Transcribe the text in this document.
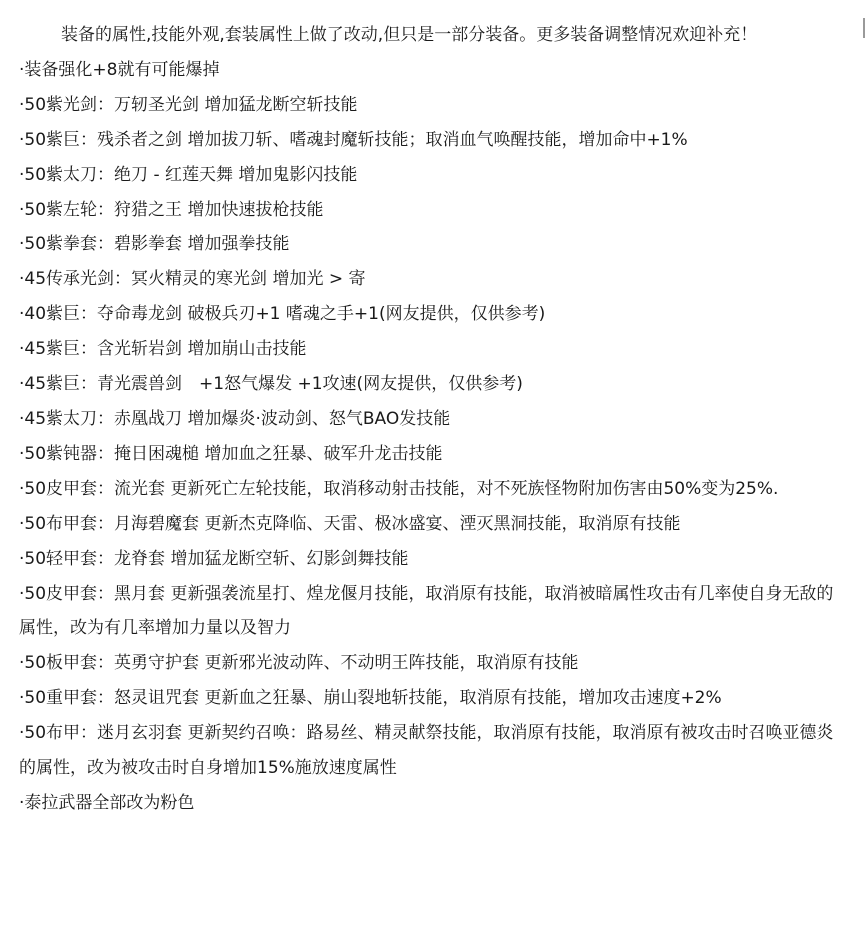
装备的属性,技能外观,套装属性上做了改动,但只是一部分装备。更多装备调整情况欢迎补充！

·装备强化+8就有可能爆掉

·50紫光剑：万轫圣光剑 增加猛龙断空斩技能

·50紫巨：残杀者之剑 增加拔刀斩、嗜魂封魔斩技能；取消血气唤醒技能，增加命中+1%

·50紫太刀：绝刀 - 红莲天舞 增加鬼影闪技能

·50紫左轮：狩猎之王 增加快速拔枪技能

·50紫拳套：碧影拳套 增加强拳技能

·45传承光剑：冥火精灵的寒光剑 增加光 > 寄

·40紫巨：夺命毒龙剑 破极兵刃+1 嗜魂之手+1(网友提供，仅供参考)

·45紫巨：含光斩岩剑 增加崩山击技能

·45紫巨：青光震兽剑　+1怒气爆发 +1攻速(网友提供，仅供参考)

·45紫太刀：赤凰战刀 增加爆炎·波动剑、怒气BAO发技能

·50紫钝器：掩日困魂槌 增加血之狂暴、破军升龙击技能

·50皮甲套：流光套 更新死亡左轮技能，取消移动射击技能，对不死族怪物附加伤害由50%变为25%.

·50布甲套：月海碧魔套 更新杰克降临、天雷、极冰盛宴、湮灭黑洞技能，取消原有技能

·50轻甲套：龙脊套 增加猛龙断空斩、幻影剑舞技能

·50皮甲套：黑月套 更新强袭流星打、煌龙偃月技能，取消原有技能，取消被暗属性攻击有几率使自身无敌的属性，改为有几率增加力量以及智力

·50板甲套：英勇守护套 更新邪光波动阵、不动明王阵技能，取消原有技能

·50重甲套：怒灵诅咒套 更新血之狂暴、崩山裂地斩技能，取消原有技能，增加攻击速度+2%

·50布甲：迷月玄羽套 更新契约召唤：路易丝、精灵献祭技能，取消原有技能，取消原有被攻击时召唤亚德炎的属性，改为被攻击时自身增加15%施放速度属性

·泰拉武器全部改为粉色
